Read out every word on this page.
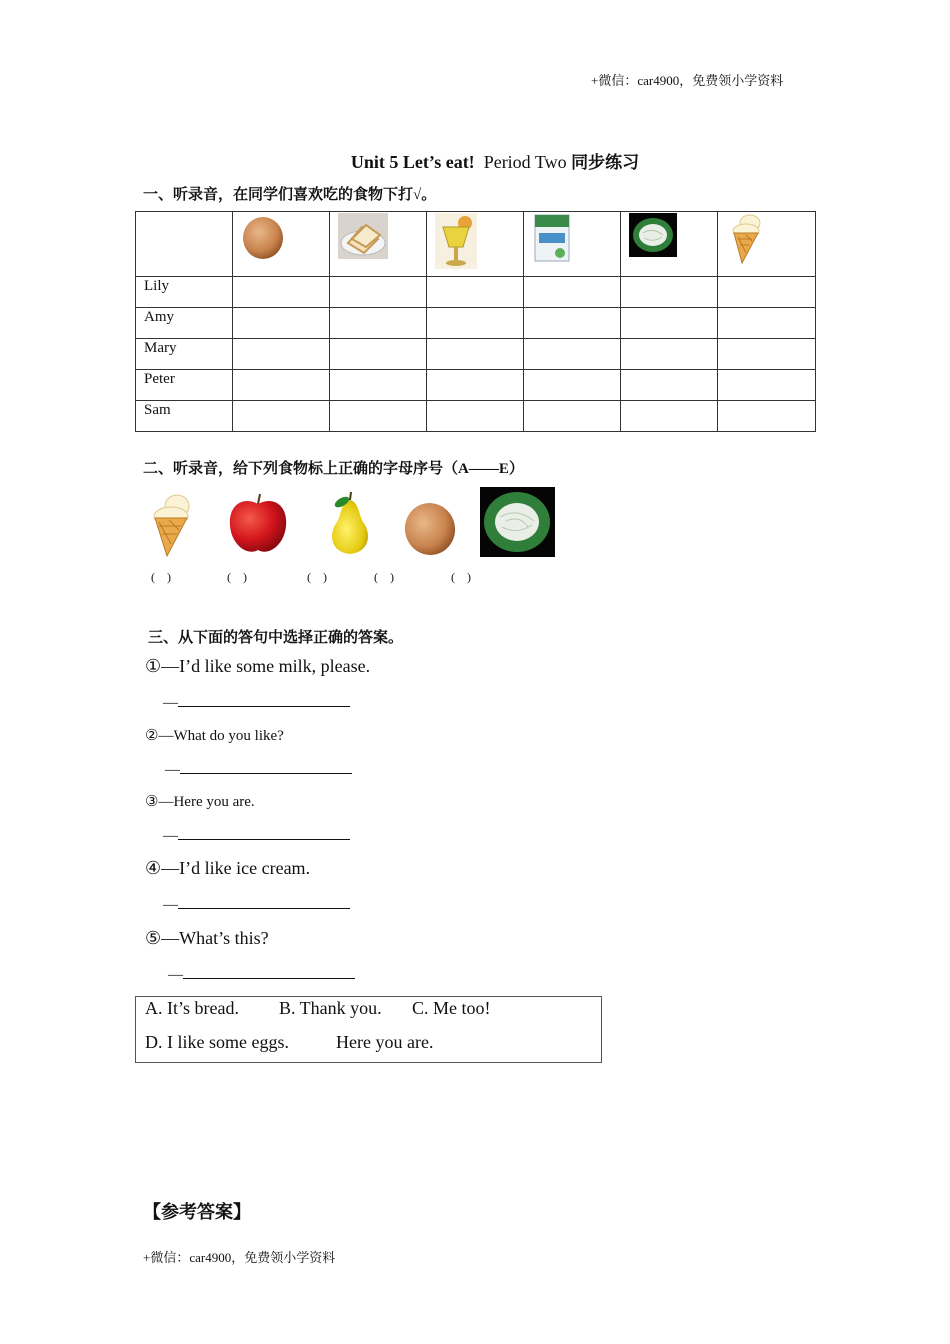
+微信：car4900，免费领小学资料
Unit 5 Let’s eat! Period Two 同步练习
一、听录音，在同学们喜欢吃的食物下打√。

Lily						
Amy						
Mary						
Peter						
Sam						
二、听录音，给下列食物标上正确的字母序号（A——E）
(　)	(　)	(　)	(　)	(　)
三、从下面的答句中选择正确的答案。
①—I’d like some milk, please.
—
②—What do you like?
—
③—Here you are.
—
④—I’d like ice cream.
—
⑤—What’s this?
—
A. It’s bread. B. Thank you. C. Me too!
D. I like some eggs.	Here you are.
【参考答案】
+微信：car4900，免费领小学资料
